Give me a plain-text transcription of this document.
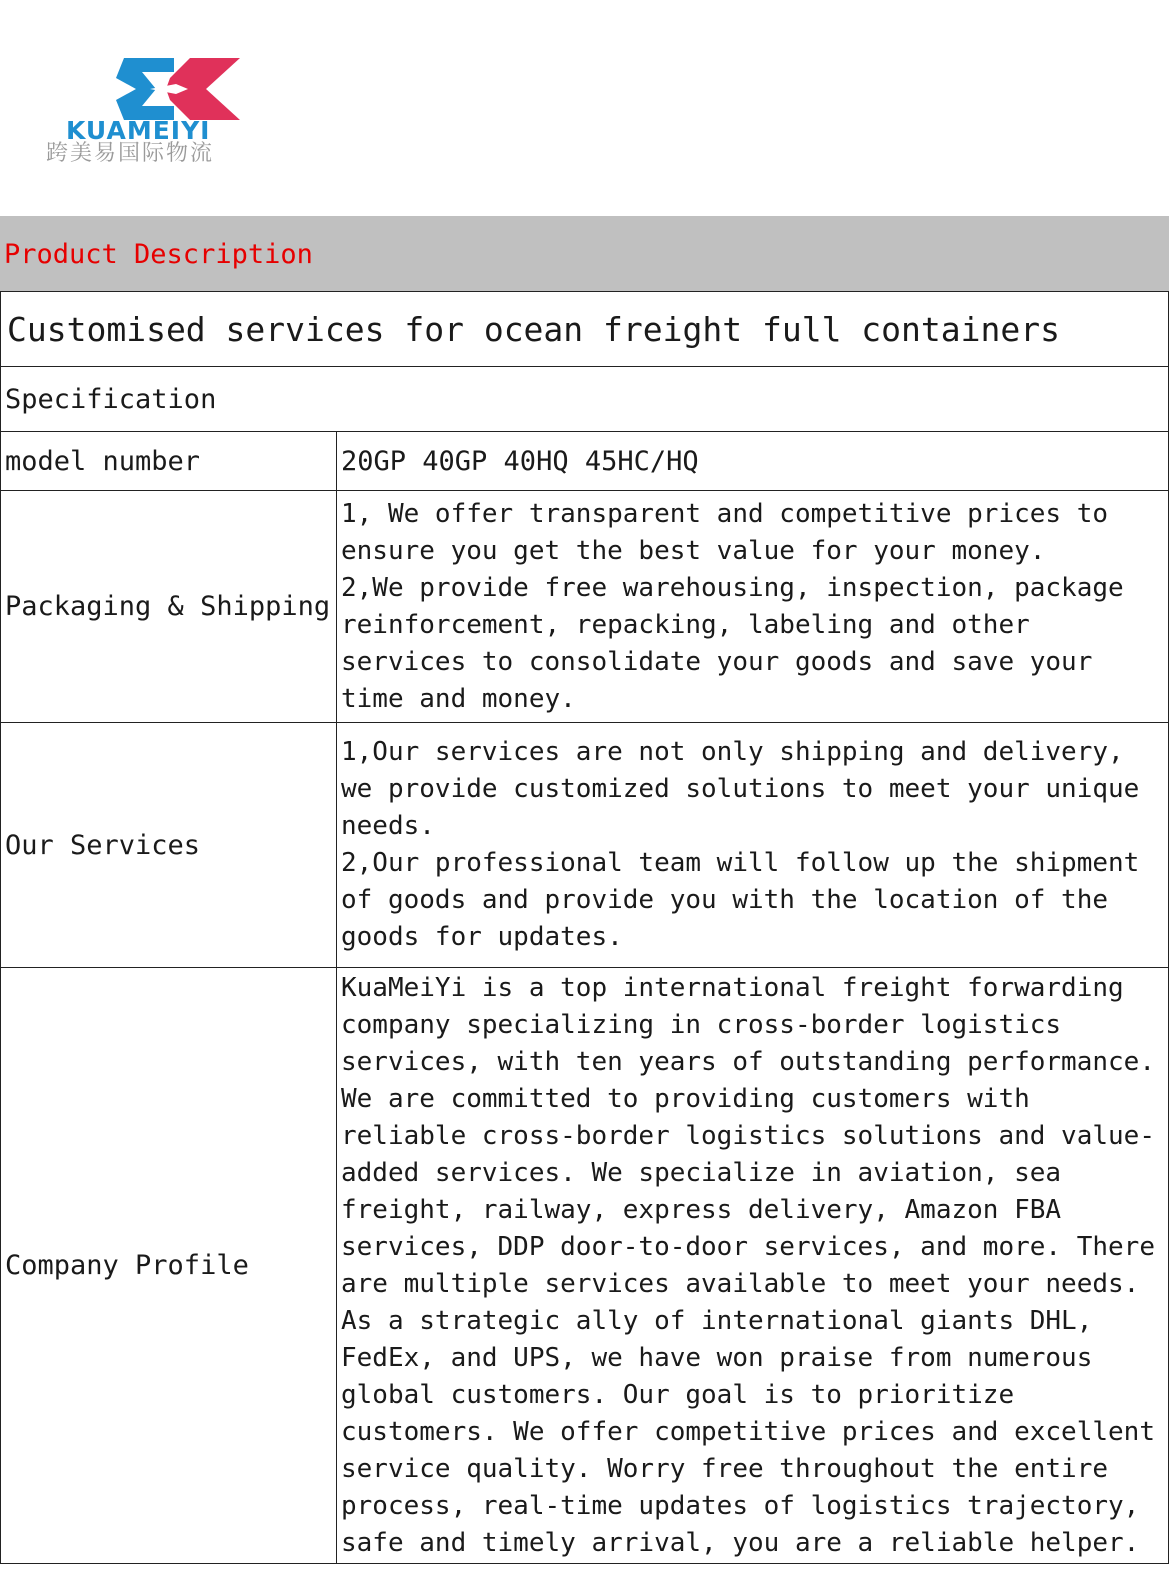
KUAMEIYI
跨美易国际物流
Product Description
Customised services for ocean freight full containers	
Specification	
model number	20GP 40GP 40HQ 45HC/HQ
Packaging & Shipping	1, We offer transparent and competitive prices to ensure you get the best value for your money.
2,We provide free warehousing, inspection, package reinforcement, repacking, labeling and other services to consolidate your goods and save your time and money.
Our Services	1,Our services are not only shipping and delivery, we provide customized solutions to meet your unique needs.
2,Our professional team will follow up the shipment of goods and provide you with the location of the goods for updates.
Company Profile	KuaMeiYi is a top international freight forwarding company specializing in cross-border logistics services, with ten years of outstanding performance. We are committed to providing customers with reliable cross-border logistics solutions and value-added services. We specialize in aviation, sea freight, railway, express delivery, Amazon FBA services, DDP door-to-door services, and more. There are multiple services available to meet your needs. As a strategic ally of international giants DHL, FedEx, and UPS, we have won praise from numerous global customers. Our goal is to prioritize customers. We offer competitive prices and excellent service quality. Worry free throughout the entire process, real-time updates of logistics trajectory, safe and timely arrival, you are a reliable helper.
